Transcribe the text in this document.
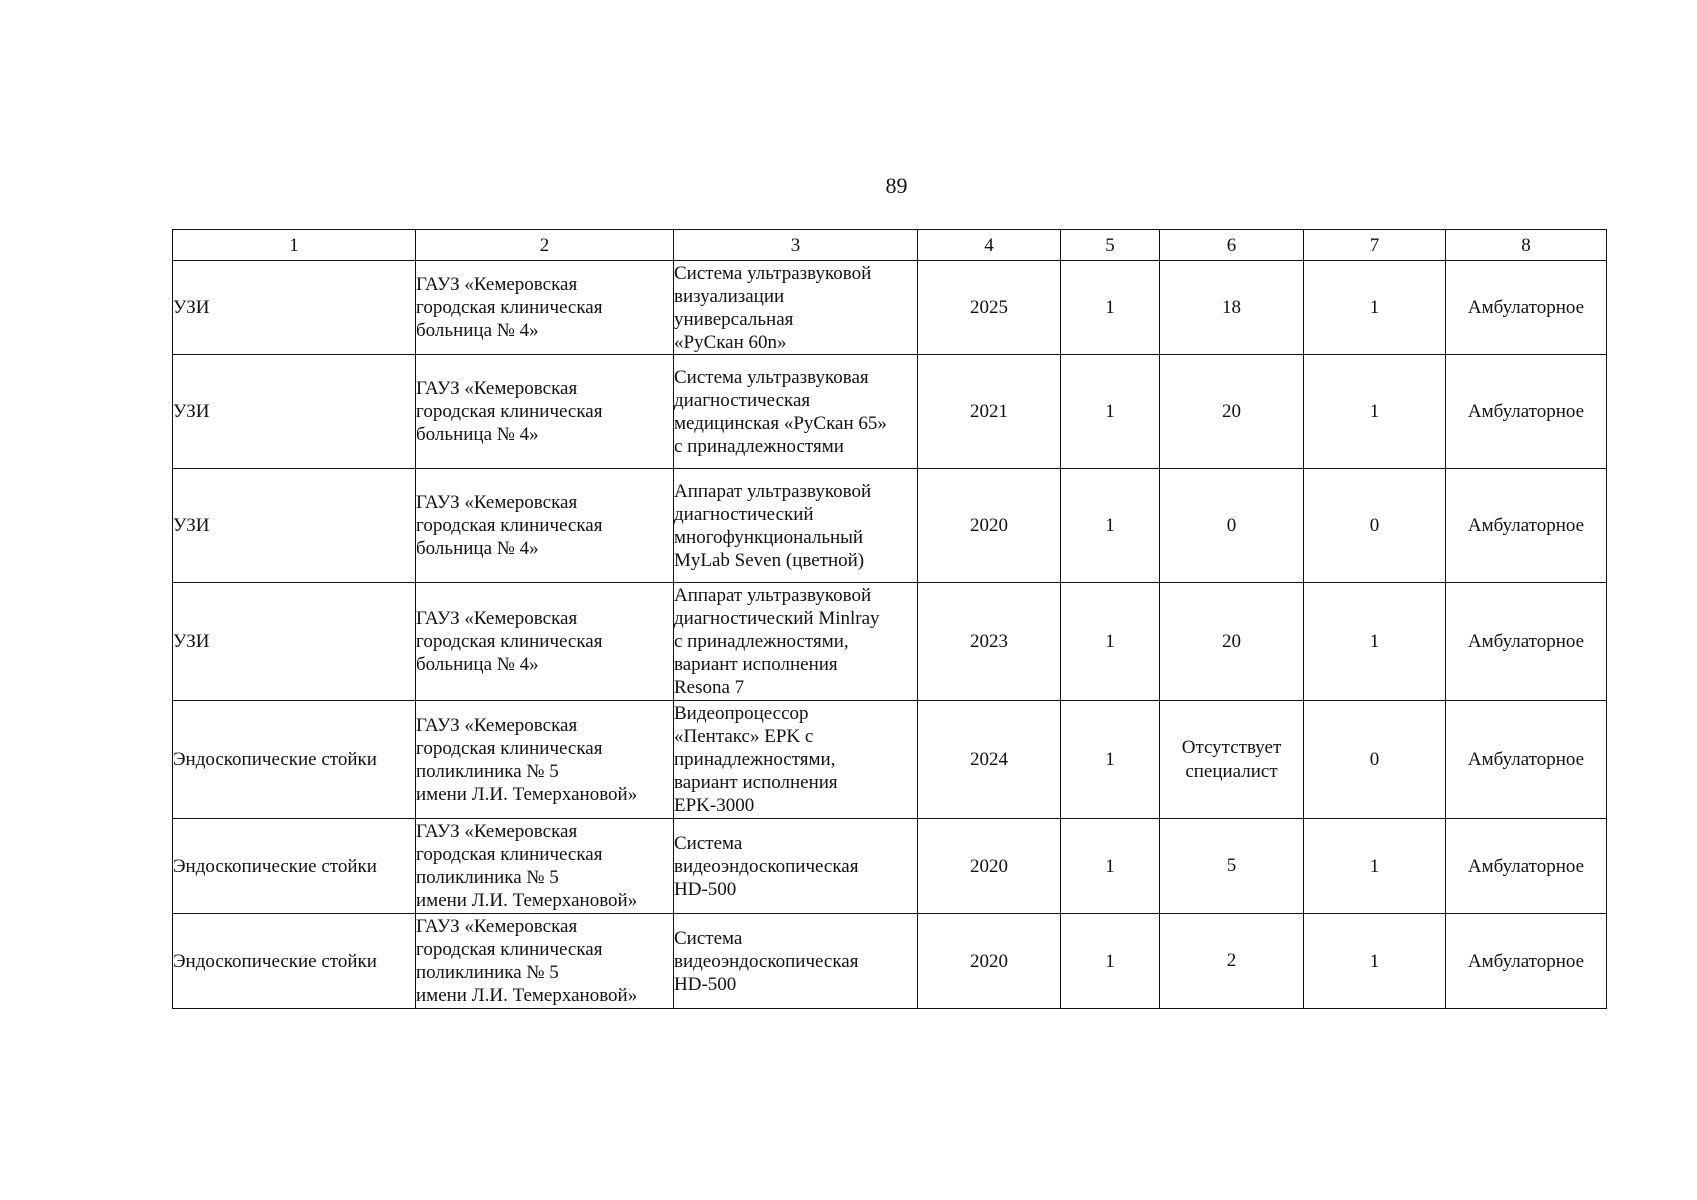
89
1	2	3	4	5	6	7	8

УЗИ	ГАУЗ «Кемеровская
городская клиническая
больница № 4»	Система ультразвуковой
визуализации
универсальная
«РуСкан 60n»	2025	1	18	1	Амбулаторное

УЗИ	ГАУЗ «Кемеровская
городская клиническая
больница № 4»	Система ультразвуковая
диагностическая
медицинская «РуСкан 65»
с принадлежностями	2021	1	20	1	Амбулаторное

УЗИ	ГАУЗ «Кемеровская
городская клиническая
больница № 4»	Аппарат ультразвуковой
диагностический
многофункциональный
MyLab Seven (цветной)	2020	1	0	0	Амбулаторное

УЗИ	ГАУЗ «Кемеровская
городская клиническая
больница № 4»	Аппарат ультразвуковой
диагностический Minlray
с принадлежностями,
вариант исполнения
Resona 7	2023	1	20	1	Амбулаторное

Эндоскопические стойки	ГАУЗ «Кемеровская
городская клиническая
поликлиника № 5
имени Л.И. Темерхановой»	Видеопроцессор
«Пентакс» EPK с
принадлежностями,
вариант исполнения
EPK-3000	2024	1	Отсутствует
специалист	0	Амбулаторное

Эндоскопические стойки	ГАУЗ «Кемеровская
городская клиническая
поликлиника № 5
имени Л.И. Темерхановой»	Система
видеоэндоскопическая
HD-500	2020	1	5	1	Амбулаторное

Эндоскопические стойки	ГАУЗ «Кемеровская
городская клиническая
поликлиника № 5
имени Л.И. Темерхановой»	Система
видеоэндоскопическая
HD-500	2020	1	2	1	Амбулаторное
